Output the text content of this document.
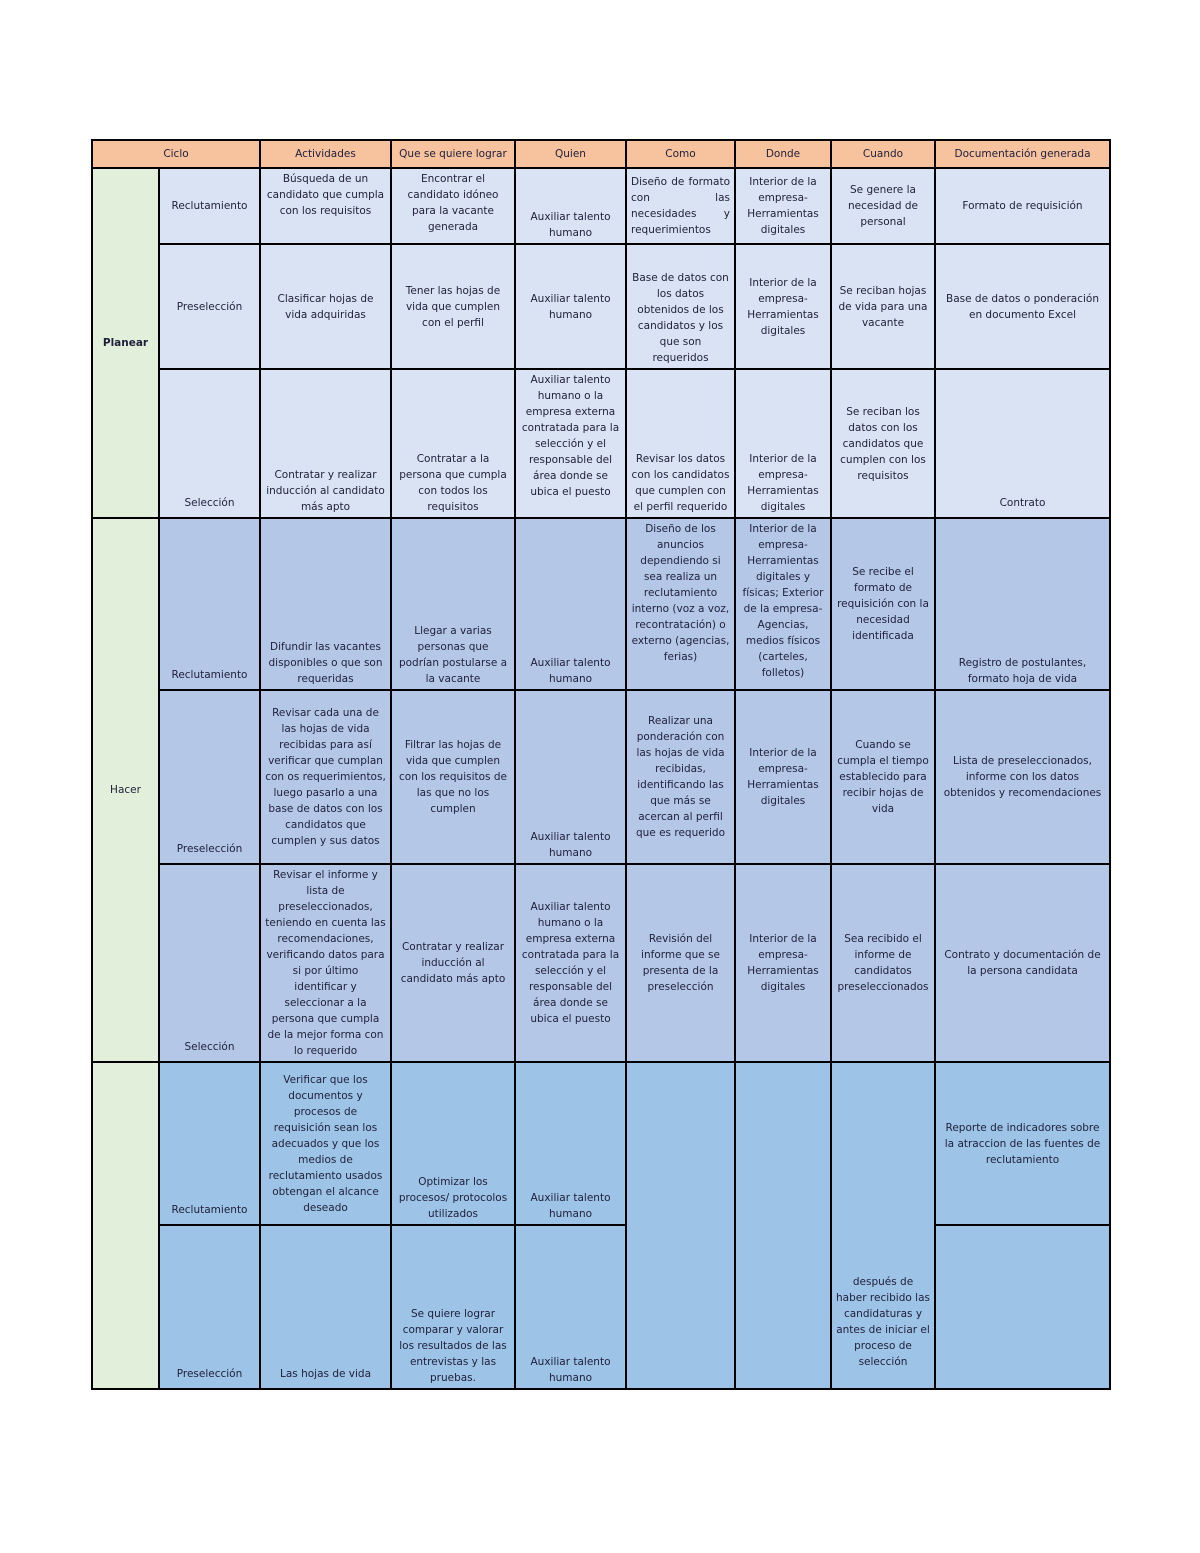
Ciclo		Actividades	Que se quiere lograr	Quien	Como	Donde	Cuando	Documentación generada
Planear	Reclutamiento	Búsqueda de un candidato que cumpla con los requisitos	Encontrar el candidato idóneo para la vacante generada	Auxiliar talento humano	Diseño de formato con las necesidades y requerimientos	Interior de la empresa- Herramientas digitales	Se genere la necesidad de personal	Formato de requisición
	Preselección	Clasificar hojas de vida adquiridas	Tener las hojas de vida que cumplen con el perfil	Auxiliar talento humano	Base de datos con los datos obtenidos de los candidatos y los que son requeridos	Interior de la empresa- Herramientas digitales	Se reciban hojas de vida para una vacante	Base de datos o ponderación en documento Excel
	Selección	Contratar y realizar inducción al candidato más apto	Contratar a la persona que cumpla con todos los requisitos	Auxiliar talento humano o la empresa externa contratada para la selección y el responsable del área donde se ubica el puesto	Revisar los datos con los candidatos que cumplen con el perfil requerido	Interior de la empresa- Herramientas digitales	Se reciban los datos con los candidatos que cumplen con los requisitos	Contrato
Hacer	Reclutamiento	Difundir las vacantes disponibles o que son requeridas	Llegar a varias personas que podrían postularse a la vacante	Auxiliar talento humano	Diseño de los anuncios dependiendo si sea realiza un reclutamiento interno (voz a voz, recontratación) o externo (agencias, ferias)	Interior de la empresa- Herramientas digitales y físicas; Exterior de la empresa- Agencias, medios físicos (carteles, folletos)	Se recibe el formato de requisición con la necesidad identificada	Registro de postulantes, formato hoja de vida
	Preselección	Revisar cada una de las hojas de vida recibidas para así verificar que cumplan con os requerimientos, luego pasarlo a una base de datos con los candidatos que cumplen y sus datos	Filtrar las hojas de vida que cumplen con los requisitos de las que no los cumplen	Auxiliar talento humano	Realizar una ponderación con las hojas de vida recibidas, identificando las que más se acercan al perfil que es requerido	Interior de la empresa- Herramientas digitales	Cuando se cumpla el tiempo establecido para recibir hojas de vida	Lista de preseleccionados, informe con los datos obtenidos y recomendaciones
	Selección	Revisar el informe y lista de preseleccionados, teniendo en cuenta las recomendaciones, verificando datos para si por último identificar y seleccionar a la persona que cumpla de la mejor forma con lo requerido	Contratar y realizar inducción al candidato más apto	Auxiliar talento humano o la empresa externa contratada para la selección y el responsable del área donde se ubica el puesto	Revisión del informe que se presenta de la preselección	Interior de la empresa- Herramientas digitales	Sea recibido el informe de candidatos preseleccionados	Contrato y documentación de la persona candidata
	Reclutamiento	Verificar que los documentos y procesos de requisición sean los adecuados y que los medios de reclutamiento usados obtengan el alcance deseado	Optimizar los procesos/ protocolos utilizados	Auxiliar talento humano			después de haber recibido las candidaturas y antes de iniciar el proceso de selección	Reporte de indicadores sobre la atraccion de las fuentes de reclutamiento
	Preselección	Las hojas de vida	Se quiere lograr comparar y valorar los resultados de las entrevistas y las pruebas.	Auxiliar talento humano				
